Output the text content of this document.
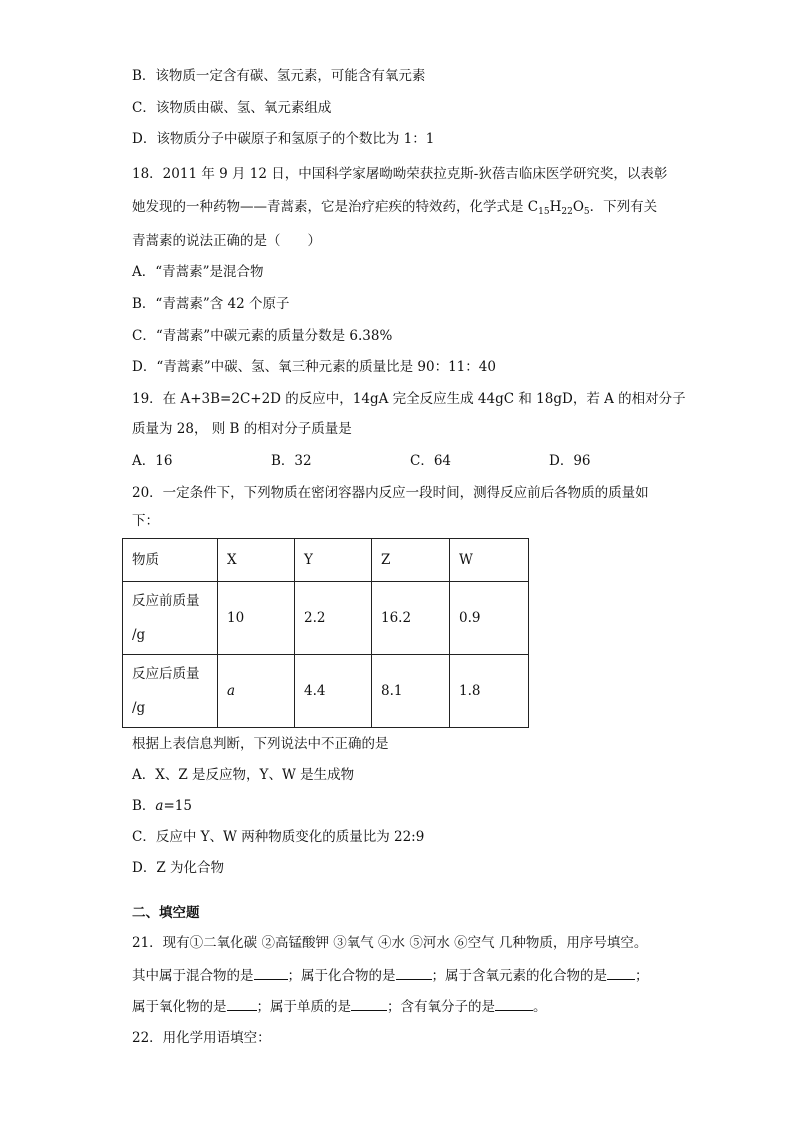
B．该物质一定含有碳、氢元素，可能含有氧元素
C．该物质由碳、氢、氧元素组成
D．该物质分子中碳原子和氢原子的个数比为 1：1
18．2011 年 9 月 12 日，中国科学家屠呦呦荣获拉克斯-狄蓓吉临床医学研究奖，以表彰
她发现的一种药物——青蒿素，它是治疗疟疾的特效药，化学式是 $C_{15}H_{22}O_5$．下列有关
青蒿素的说法正确的是（　　）
A．“青蒿素”是混合物
B．“青蒿素”含 42 个原子
C．“青蒿素”中碳元素的质量分数是 6.38%
D．“青蒿素”中碳、氢、氧三种元素的质量比是 90：11：40
19．在 A+3B=2C+2D 的反应中，14gA 完全反应生成 44gC 和 18gD，若 A 的相对分子
质量为 28， 则 B 的相对分子质量是
A．16	B．32	C．64	D．96
20．一定条件下，下列物质在密闭容器内反应一段时间，测得反应前后各物质的质量如
下：
物质	X	Y	Z	W

反应前质量
/g	10	2.2	16.2	0.9

反应后质量
/g	a	4.4	8.1	1.8
根据上表信息判断，下列说法中不正确的是
A．X、Z 是反应物，Y、W 是生成物
B．a=15
C．反应中 Y、W 两种物质变化的质量比为 22:9
D．Z 为化合物
二、填空题
21．现有①二氧化碳 ②高锰酸钾 ③氧气 ④水 ⑤河水 ⑥空气 几种物质，用序号填空。
其中属于混合物的是	；属于化合物的是	；属于含氧元素的化合物的是 ；
属于氧化物的是 ；属于单质的是	；含有氧分子的是	。
22．用化学用语填空：
